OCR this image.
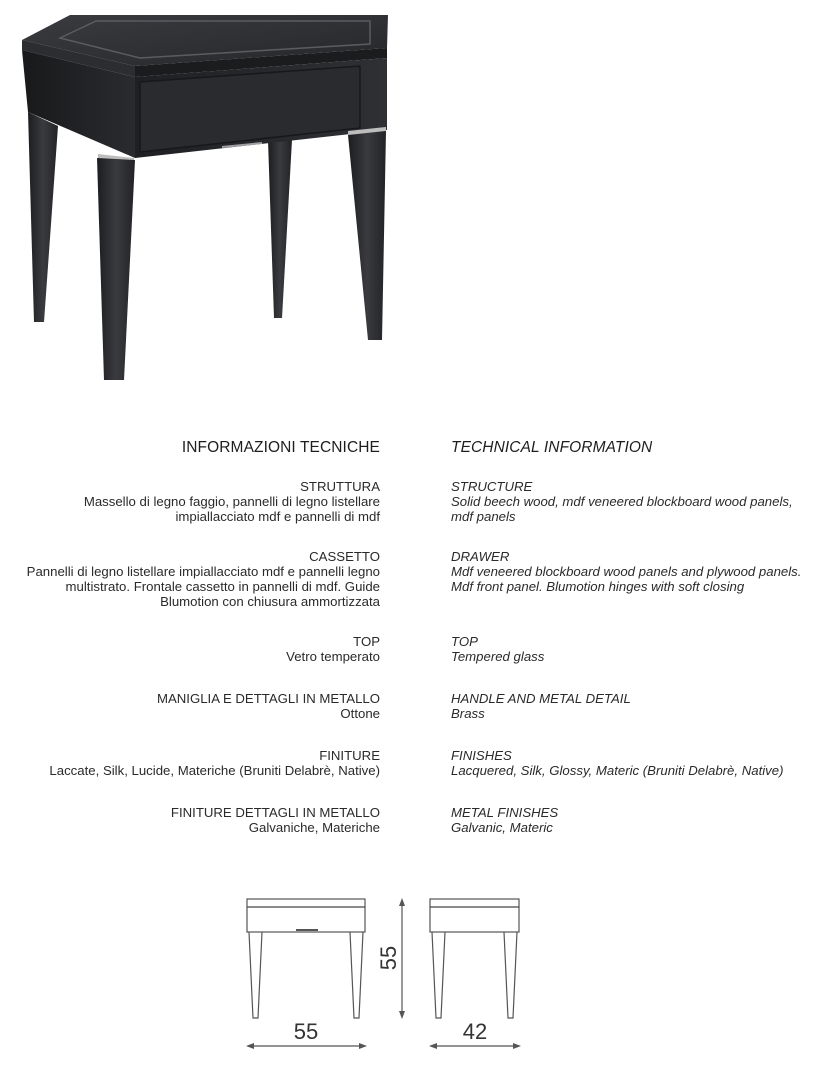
INFORMAZIONI TECNICHE	TECHNICAL INFORMATION
STRUTTURA
Massello di legno faggio, pannelli di legno listellare
impiallacciato mdf e pannelli di mdf
STRUCTURE
Solid beech wood, mdf veneered blockboard wood panels,
mdf panels
CASSETTO
Pannelli di legno listellare impiallacciato mdf e pannelli legno
multistrato. Frontale cassetto in pannelli di mdf. Guide
Blumotion con chiusura ammortizzata
DRAWER
Mdf veneered blockboard wood panels and plywood panels.
Mdf front panel. Blumotion hinges with soft closing
TOP
Vetro temperato
TOP
Tempered glass
MANIGLIA E DETTAGLI IN METALLO
Ottone
HANDLE AND METAL DETAIL
Brass
FINITURE
Laccate, Silk, Lucide, Materiche (Bruniti Delabrè, Native)
FINISHES
Lacquered, Silk, Glossy, Materic (Bruniti Delabrè, Native)
FINITURE DETTAGLI IN METALLO
Galvaniche, Materiche
METAL FINISHES
Galvanic, Materic
55	42
55
